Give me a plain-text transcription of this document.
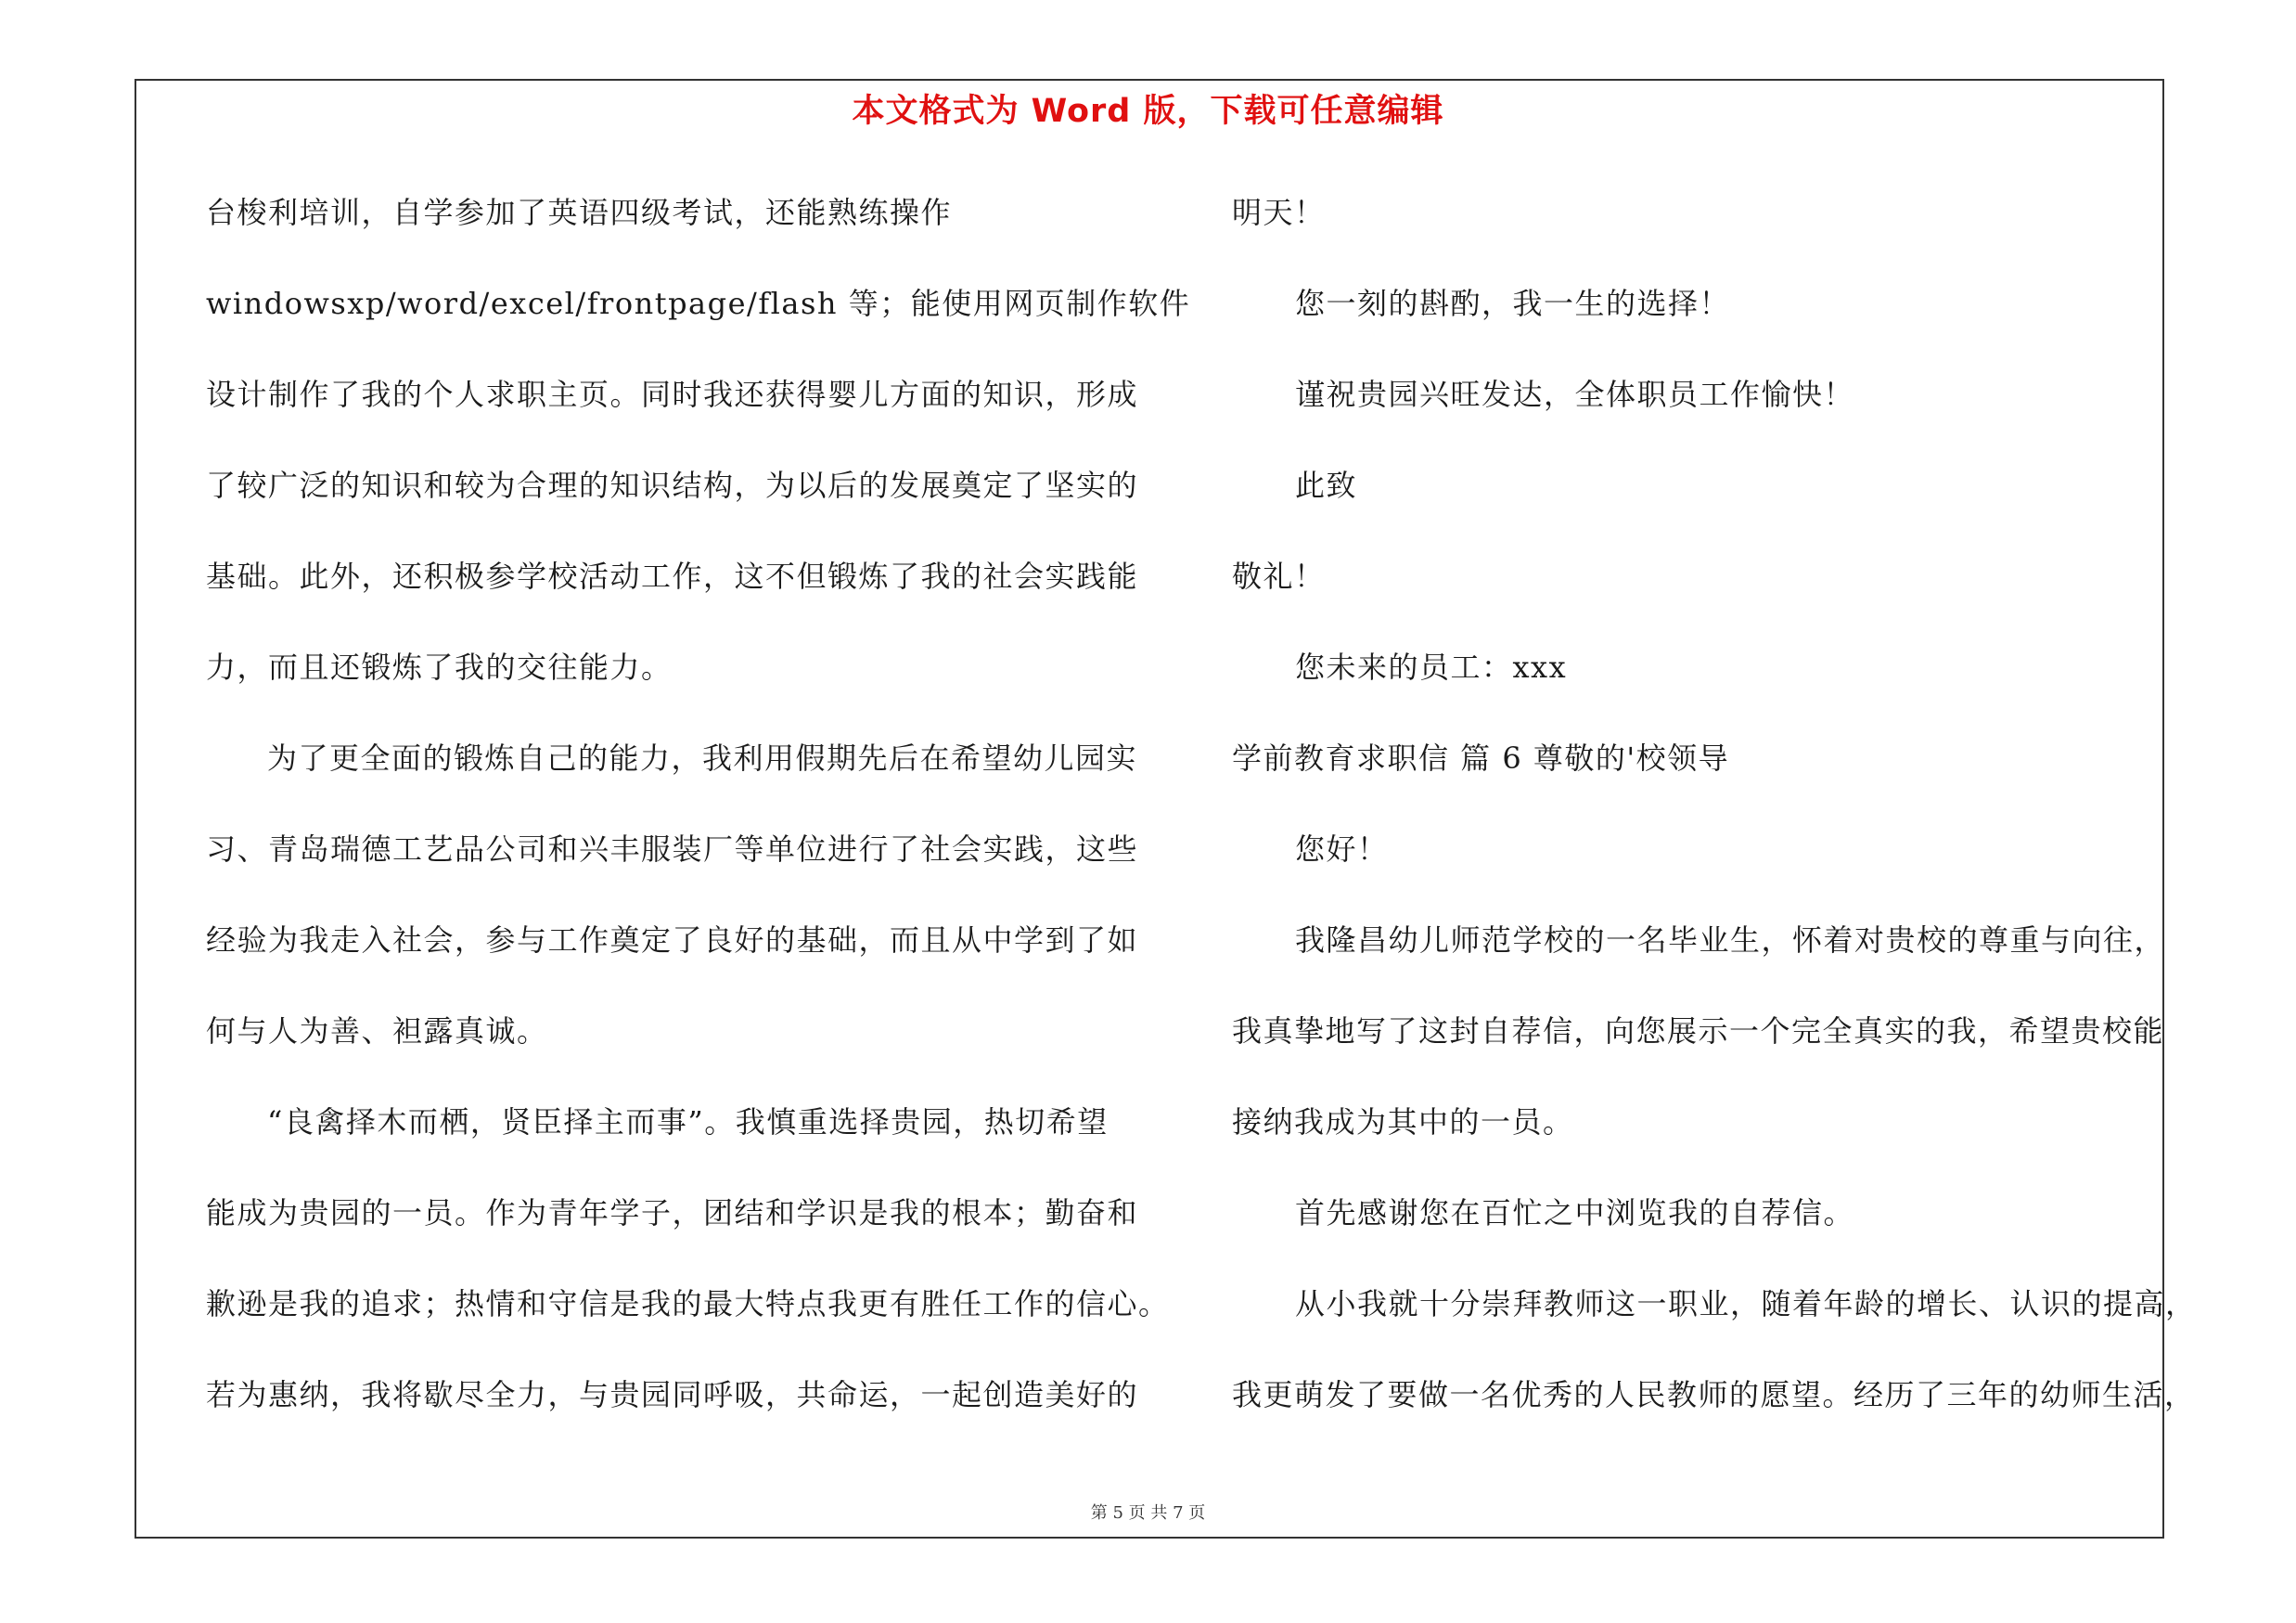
本文格式为 Word 版，下载可任意编辑
台梭利培训，自学参加了英语四级考试，还能熟练操作
windowsxp/word/excel/frontpage/flash 等；能使用网页制作软件
设计制作了我的个人求职主页。同时我还获得婴儿方面的知识，形成
了较广泛的知识和较为合理的知识结构，为以后的发展奠定了坚实的
基础。此外，还积极参学校活动工作，这不但锻炼了我的社会实践能
力，而且还锻炼了我的交往能力。
为了更全面的锻炼自己的能力，我利用假期先后在希望幼儿园实
习、青岛瑞德工艺品公司和兴丰服装厂等单位进行了社会实践，这些
经验为我走入社会，参与工作奠定了良好的基础，而且从中学到了如
何与人为善、袒露真诚。
“良禽择木而栖，贤臣择主而事”。我慎重选择贵园，热切希望
能成为贵园的一员。作为青年学子，团结和学识是我的根本；勤奋和
歉逊是我的追求；热情和守信是我的最大特点我更有胜任工作的信心。
若为惠纳，我将歇尽全力，与贵园同呼吸，共命运，一起创造美好的
明天！
您一刻的斟酌，我一生的选择！
谨祝贵园兴旺发达，全体职员工作愉快！
此致
敬礼！
您未来的员工：xxx
学前教育求职信 篇 6 尊敬的'校领导
您好！
我隆昌幼儿师范学校的一名毕业生，怀着对贵校的尊重与向往，
我真挚地写了这封自荐信，向您展示一个完全真实的我，希望贵校能
接纳我成为其中的一员。
首先感谢您在百忙之中浏览我的自荐信。
从小我就十分崇拜教师这一职业，随着年龄的增长、认识的提高，
我更萌发了要做一名优秀的人民教师的愿望。经历了三年的幼师生活，
第 5 页 共 7 页
